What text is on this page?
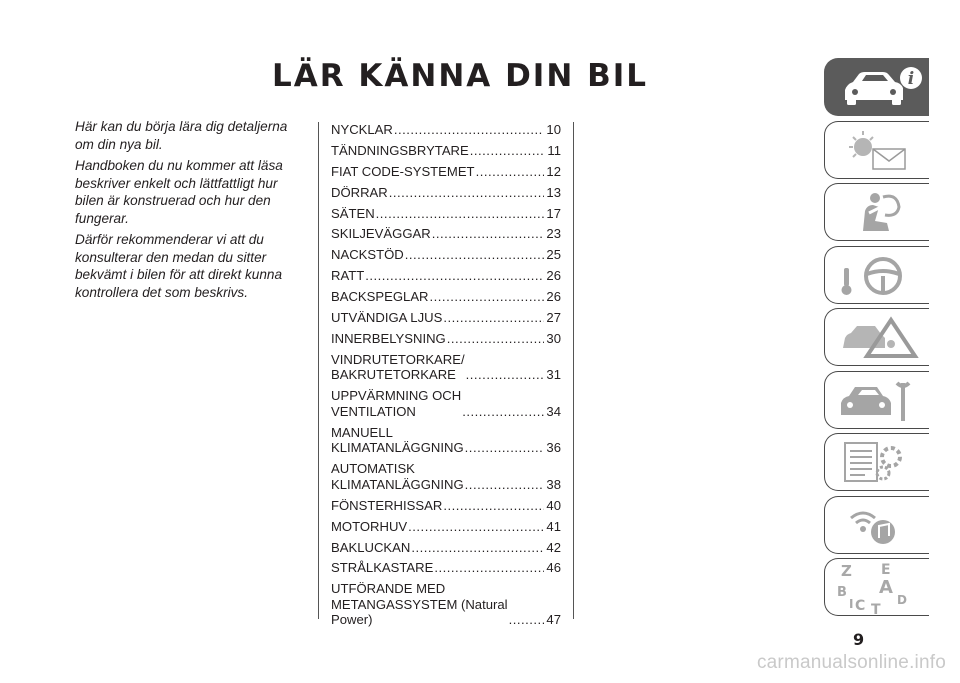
LÄR KÄNNA DIN BIL

Här kan du börja lära dig detaljerna om din nya bil.

Handboken du nu kommer att läsa beskriver enkelt och lättfattligt hur bilen är konstruerad och hur den fungerar.

Därför rekommenderar vi att du konsulterar den medan du sitter bekvämt i bilen för att direkt kunna kontrollera det som beskrivs.

NYCKLAR .....	10
TÄNDNINGSBRYTARE .....	11
FIAT CODE-SYSTEMET .....	12
DÖRRAR .....	13
SÄTEN .....	17
SKILJEVÄGGAR .....	23
NACKSTÖD .....	25
RATT .....	26
BACKSPEGLAR .....	26
UTVÄNDIGA LJUS .....	27
INNERBELYSNING .....	30
VINDRUTETORKARE/
BAKRUTETORKARE .....	31
UPPVÄRMNING OCH
VENTILATION .....	34
MANUELL
KLIMATANLÄGGNING .....	36
AUTOMATISK
KLIMATANLÄGGNING .....	38
FÖNSTERHISSAR .....	40
MOTORHUV .....	41
BAKLUCKAN .....	42
STRÅLKASTARE .....	46
UTFÖRANDE MED
METANGASSYSTEM (Natural
Power) .....	47
i
Z E
B A
C	D
I T
9
carmanualsonline.info
